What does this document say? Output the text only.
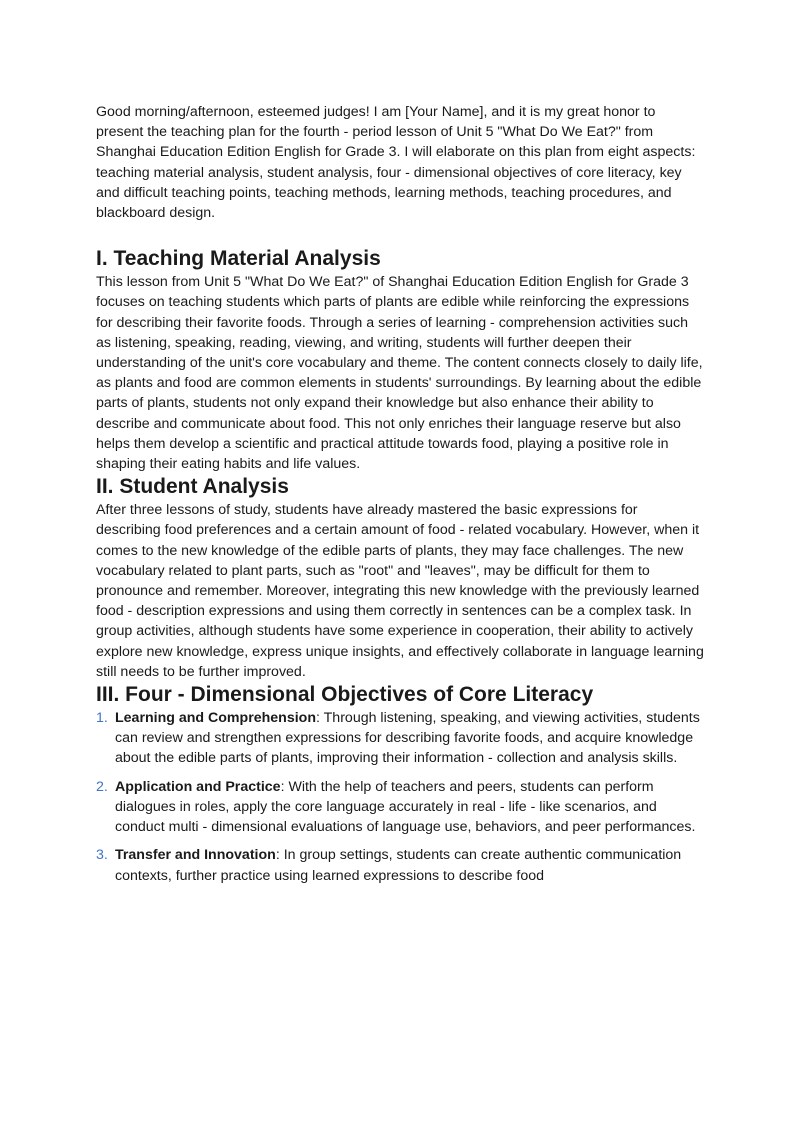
Good morning/afternoon, esteemed judges! I am [Your Name], and it is my great honor to present the teaching plan for the fourth - period lesson of Unit 5 "What Do We Eat?" from Shanghai Education Edition English for Grade 3. I will elaborate on this plan from eight aspects: teaching material analysis, student analysis, four - dimensional objectives of core literacy, key and difficult teaching points, teaching methods, learning methods, teaching procedures, and blackboard design.

I. Teaching Material Analysis

This lesson from Unit 5 "What Do We Eat?" of Shanghai Education Edition English for Grade 3 focuses on teaching students which parts of plants are edible while reinforcing the expressions for describing their favorite foods. Through a series of learning - comprehension activities such as listening, speaking, reading, viewing, and writing, students will further deepen their understanding of the unit's core vocabulary and theme. The content connects closely to daily life, as plants and food are common elements in students' surroundings. By learning about the edible parts of plants, students not only expand their knowledge but also enhance their ability to describe and communicate about food. This not only enriches their language reserve but also helps them develop a scientific and practical attitude towards food, playing a positive role in shaping their eating habits and life values.

II. Student Analysis

After three lessons of study, students have already mastered the basic expressions for describing food preferences and a certain amount of food - related vocabulary. However, when it comes to the new knowledge of the edible parts of plants, they may face challenges. The new vocabulary related to plant parts, such as "root" and "leaves", may be difficult for them to pronounce and remember. Moreover, integrating this new knowledge with the previously learned food - description expressions and using them correctly in sentences can be a complex task. In group activities, although students have some experience in cooperation, their ability to actively explore new knowledge, express unique insights, and effectively collaborate in language learning still needs to be further improved.

III. Four - Dimensional Objectives of Core Literacy
1. Learning and Comprehension: Through listening, speaking, and viewing activities, students can review and strengthen expressions for describing favorite foods, and acquire knowledge about the edible parts of plants, improving their information - collection and analysis skills.
2. Application and Practice: With the help of teachers and peers, students can perform dialogues in roles, apply the core language accurately in real - life - like scenarios, and conduct multi - dimensional evaluations of language use, behaviors, and peer performances.
3. Transfer and Innovation: In group settings, students can create authentic communication contexts, further practice using learned expressions to describe food
